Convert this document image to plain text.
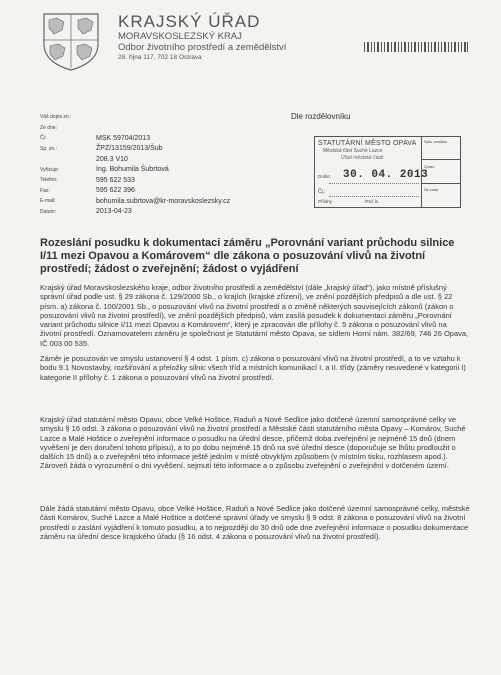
KRAJSKÝ ÚŘAD
MORAVSKOSLEZSKÝ KRAJ
Odbor životního prostředí a zemědělství
28. října 117, 702 18 Ostrava
Váš dopis zn.:
Ze dne:
Čj:	MSK 59704/2013
Sp. zn.:	ŽPZ/13159/2013/Šub
208.3 V10
Vyřizuje:	Ing. Bohumila Šubrtová
Telefon:	595 622 533
Fax:	595 622 396
E-mail:	bohumila.subrtova@kr-moravskoslezsky.cz
Datum:	2013-04-23
Dle rozdělovníku
STATUTÁRNÍ MĚSTO OPAVA
Městská část Suché Lazce
Úřad městské části
Došlo: 30. 04. 2013
Čj.:
Přílohy	/Poč.ls.
Spis. značka
Zprac.
Sk.znak
Rozeslání posudku k dokumentaci záměru „Porovnání variant průchodu silnice I/11 mezi Opavou a Komárovem“ dle zákona o posuzování vlivů na životní prostředí; žádost o zveřejnění; žádost o vyjádření
Krajský úřad Moravskoslezského kraje, odbor životního prostředí a zemědělství (dále „krajský úřad“), jako místně příslušný správní úřad podle ust. § 29 zákona č. 129/2000 Sb., o krajích (krajské zřízení), ve znění pozdějších předpisů a dle ust. § 22 písm. a) zákona č. 100/2001 Sb., o posuzování vlivů na životní prostředí a o změně některých souvisejících zákonů (zákon o posuzování vlivů na životní prostředí), ve znění pozdějších předpisů, vám zasílá posudek k dokumentaci záměru „Porovnání variant průchodu silnice I/11 mezi Opavou a Komárovem“, který je zpracován dle přílohy č. 5 zákona o posuzování vlivů na životní prostředí. Oznamovatelem záměru je společnost je Statutární město Opava, se sídlem Horní nám. 382/69, 746 26 Opava, IČ 003 00 535.
Záměr je posuzován ve smyslu ustanovení § 4 odst. 1 písm. c) zákona o posuzování vlivů na životní prostředí, a to ve vztahu k bodu 9.1 Novostavby, rozšiřování a přeložky silnic všech tříd a místních komunikací I. a II. třídy (záměry neuvedené v kategorii I) kategorie II přílohy č. 1 zákona o posuzování vlivů na životní prostředí.
Krajský úřad statutární město Opavu, obce Velké Hoštice, Raduň a Nové Sedlice jako dotčené územní samosprávné celky ve smyslu § 16 odst. 3 zákona o posuzování vlivů na životní prostředí a Městské části statutárního města Opavy – Komárov, Suché Lazce a Malé Hoštice o zveřejnění informace o posudku na úřední desce, přičemž doba zveřejnění je nejméně 15 dnů (dnem vyvěšení je den doručení tohoto přípisu), a to po dobu nejméně 15 dnů na své úřední desce (doporučuje se lhůtu prodloužit o dalších 15 dnů) a o zveřejnění této informace ještě jedním v místě obvyklým způsobem (v místním tisku, rozhlasem apod.). Zároveň žádá o vyrozumění o dni vyvěšení, sejmutí této informace a o způsobu zveřejnění o zveřejnění v dotčeném území.
Dále žádá statutární město Opavu, obce Velké Hoštice, Raduň a Nové Sedlice jako dotčené územní samosprávné celky, městské části Komárov, Suché Lazce a Malé Hoštice a dotčené správní úřady ve smyslu § 9 odst. 8 zákona o posuzování vlivů na životní prostředí o zaslání vyjádření k tomuto posudku, a to nejpozději do 30 dnů ode dne zveřejnění informace o posudku dokumentace záměru na úřední desce krajského úřadu (§ 16 odst. 4 zákona o posuzování vlivů na životní prostředí).
